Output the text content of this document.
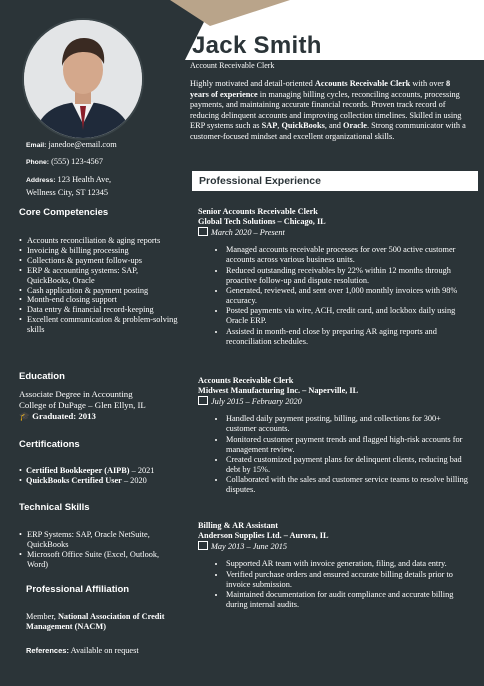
Jack Smith
Account Receivable Clerk
Highly motivated and detail-oriented Accounts Receivable Clerk with over 8 years of experience in managing billing cycles, reconciling accounts, processing payments, and maintaining accurate financial records. Proven track record of reducing delinquent accounts and improving collection timelines. Skilled in using ERP systems such as SAP, QuickBooks, and Oracle. Strong communicator with a customer-focused mindset and excellent organizational skills.
Email: janedoe@email.com
Phone: (555) 123-4567
Address: 123 Health Ave,
Wellness City, ST 12345
Core Competencies
• Accounts reconciliation & aging reports
• Invoicing & billing processing
• Collections & payment follow-ups
• ERP & accounting systems: SAP, QuickBooks, Oracle
• Cash application & payment posting
• Month-end closing support
• Data entry & financial record-keeping
• Excellent communication & problem-solving skills
Education
Associate Degree in Accounting
College of DuPage – Glen Ellyn, IL
🎓 Graduated: 2013
Certifications
• Certified Bookkeeper (AIPB) – 2021
• QuickBooks Certified User – 2020
Technical Skills
• ERP Systems: SAP, Oracle NetSuite, QuickBooks
• Microsoft Office Suite (Excel, Outlook, Word)
Professional Affiliation
Member, National Association of Credit Management (NACM)
References: Available on request
Professional Experience
Senior Accounts Receivable Clerk
Global Tech Solutions – Chicago, IL
March 2020 – Present
• Managed accounts receivable processes for over 500 active customer accounts across various business units.
• Reduced outstanding receivables by 22% within 12 months through proactive follow-up and dispute resolution.
• Generated, reviewed, and sent over 1,000 monthly invoices with 98% accuracy.
• Posted payments via wire, ACH, credit card, and lockbox daily using Oracle ERP.
• Assisted in month-end close by preparing AR aging reports and reconciliation schedules.
Accounts Receivable Clerk
Midwest Manufacturing Inc. – Naperville, IL
July 2015 – February 2020
• Handled daily payment posting, billing, and collections for 300+ customer accounts.
• Monitored customer payment trends and flagged high-risk accounts for management review.
• Created customized payment plans for delinquent clients, reducing bad debt by 15%.
• Collaborated with the sales and customer service teams to resolve billing disputes.
Billing & AR Assistant
Anderson Supplies Ltd. – Aurora, IL
May 2013 – June 2015
• Supported AR team with invoice generation, filing, and data entry.
• Verified purchase orders and ensured accurate billing details prior to invoice submission.
• Maintained documentation for audit compliance and accurate billing during internal audits.
